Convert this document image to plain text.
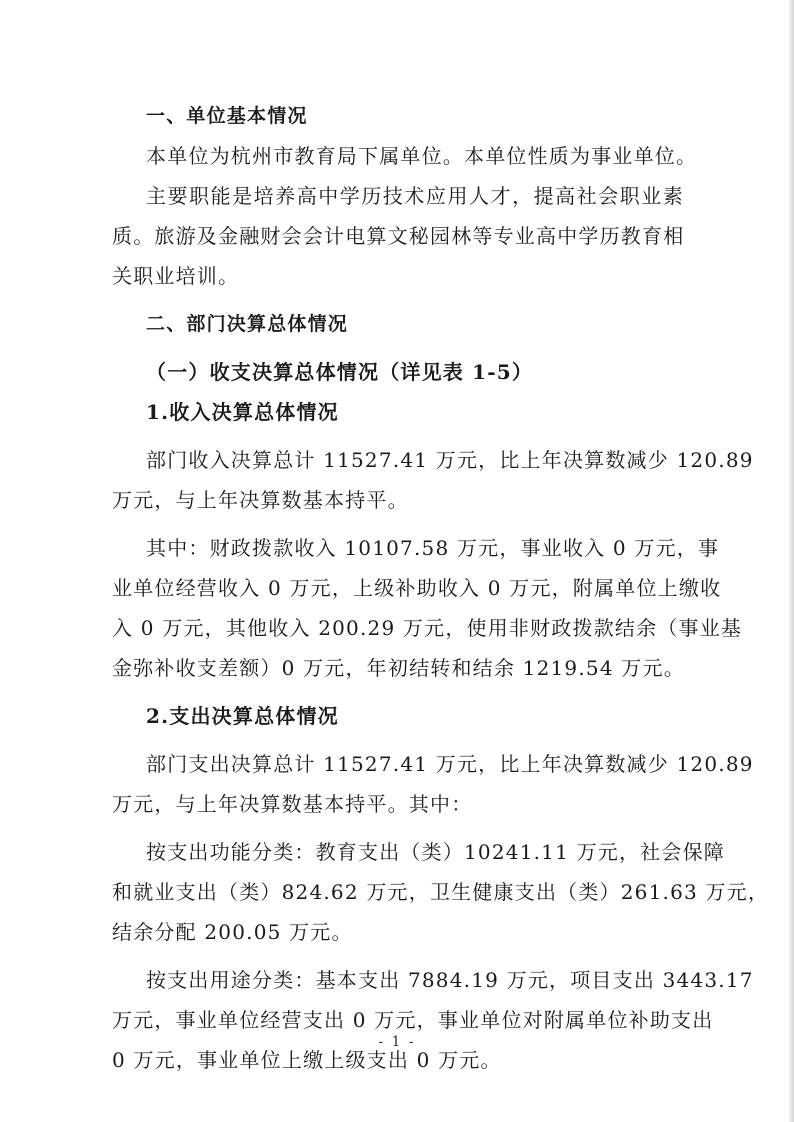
一、单位基本情况
本单位为杭州市教育局下属单位。本单位性质为事业单位。
主要职能是培养高中学历技术应用人才，提高社会职业素
质。旅游及金融财会会计电算文秘园林等专业高中学历教育相
关职业培训。
二、部门决算总体情况
（一）收支决算总体情况（详见表 1-5）
1.收入决算总体情况
部门收入决算总计 11527.41 万元，比上年决算数减少 120.89
万元，与上年决算数基本持平。
其中：财政拨款收入 10107.58 万元，事业收入 0 万元，事
业单位经营收入 0 万元，上级补助收入 0 万元，附属单位上缴收
入 0 万元，其他收入 200.29 万元，使用非财政拨款结余（事业基
金弥补收支差额）0 万元，年初结转和结余 1219.54 万元。
2.支出决算总体情况
部门支出决算总计 11527.41 万元，比上年决算数减少 120.89
万元，与上年决算数基本持平。其中：
按支出功能分类：教育支出（类）10241.11 万元，社会保障
和就业支出（类）824.62 万元，卫生健康支出（类）261.63 万元，
结余分配 200.05 万元。
按支出用途分类：基本支出 7884.19 万元，项目支出 3443.17
万元，事业单位经营支出 0 万元，事业单位对附属单位补助支出
0 万元，事业单位上缴上级支出 0 万元。
- 1 -
